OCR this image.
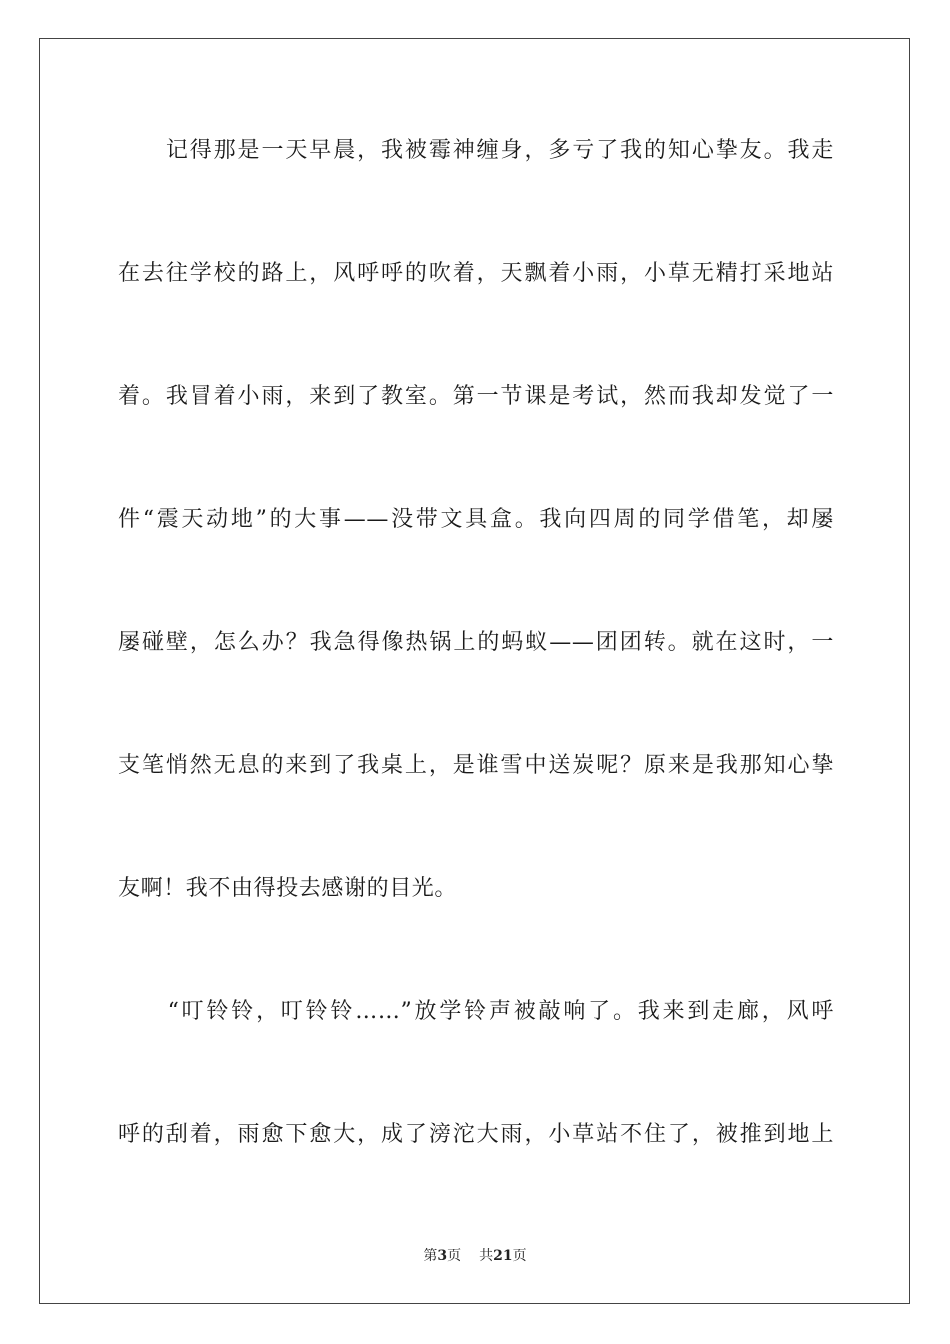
　　记得那是一天早晨，我被霉神缠身，多亏了我的知心挚友。我走
在去往学校的路上，风呼呼的吹着，天飘着小雨，小草无精打采地站
着。我冒着小雨，来到了教室。第一节课是考试，然而我却发觉了一
件“震天动地”的大事——没带文具盒。我向四周的同学借笔，却屡
屡碰壁，怎么办？我急得像热锅上的蚂蚁——团团转。就在这时，一
支笔悄然无息的来到了我桌上，是谁雪中送炭呢？原来是我那知心挚
友啊！我不由得投去感谢的目光。
　　“叮铃铃，叮铃铃……”放学铃声被敲响了。我来到走廊，风呼
呼的刮着，雨愈下愈大，成了滂沱大雨，小草站不住了，被推到地上
第3页 共21页
